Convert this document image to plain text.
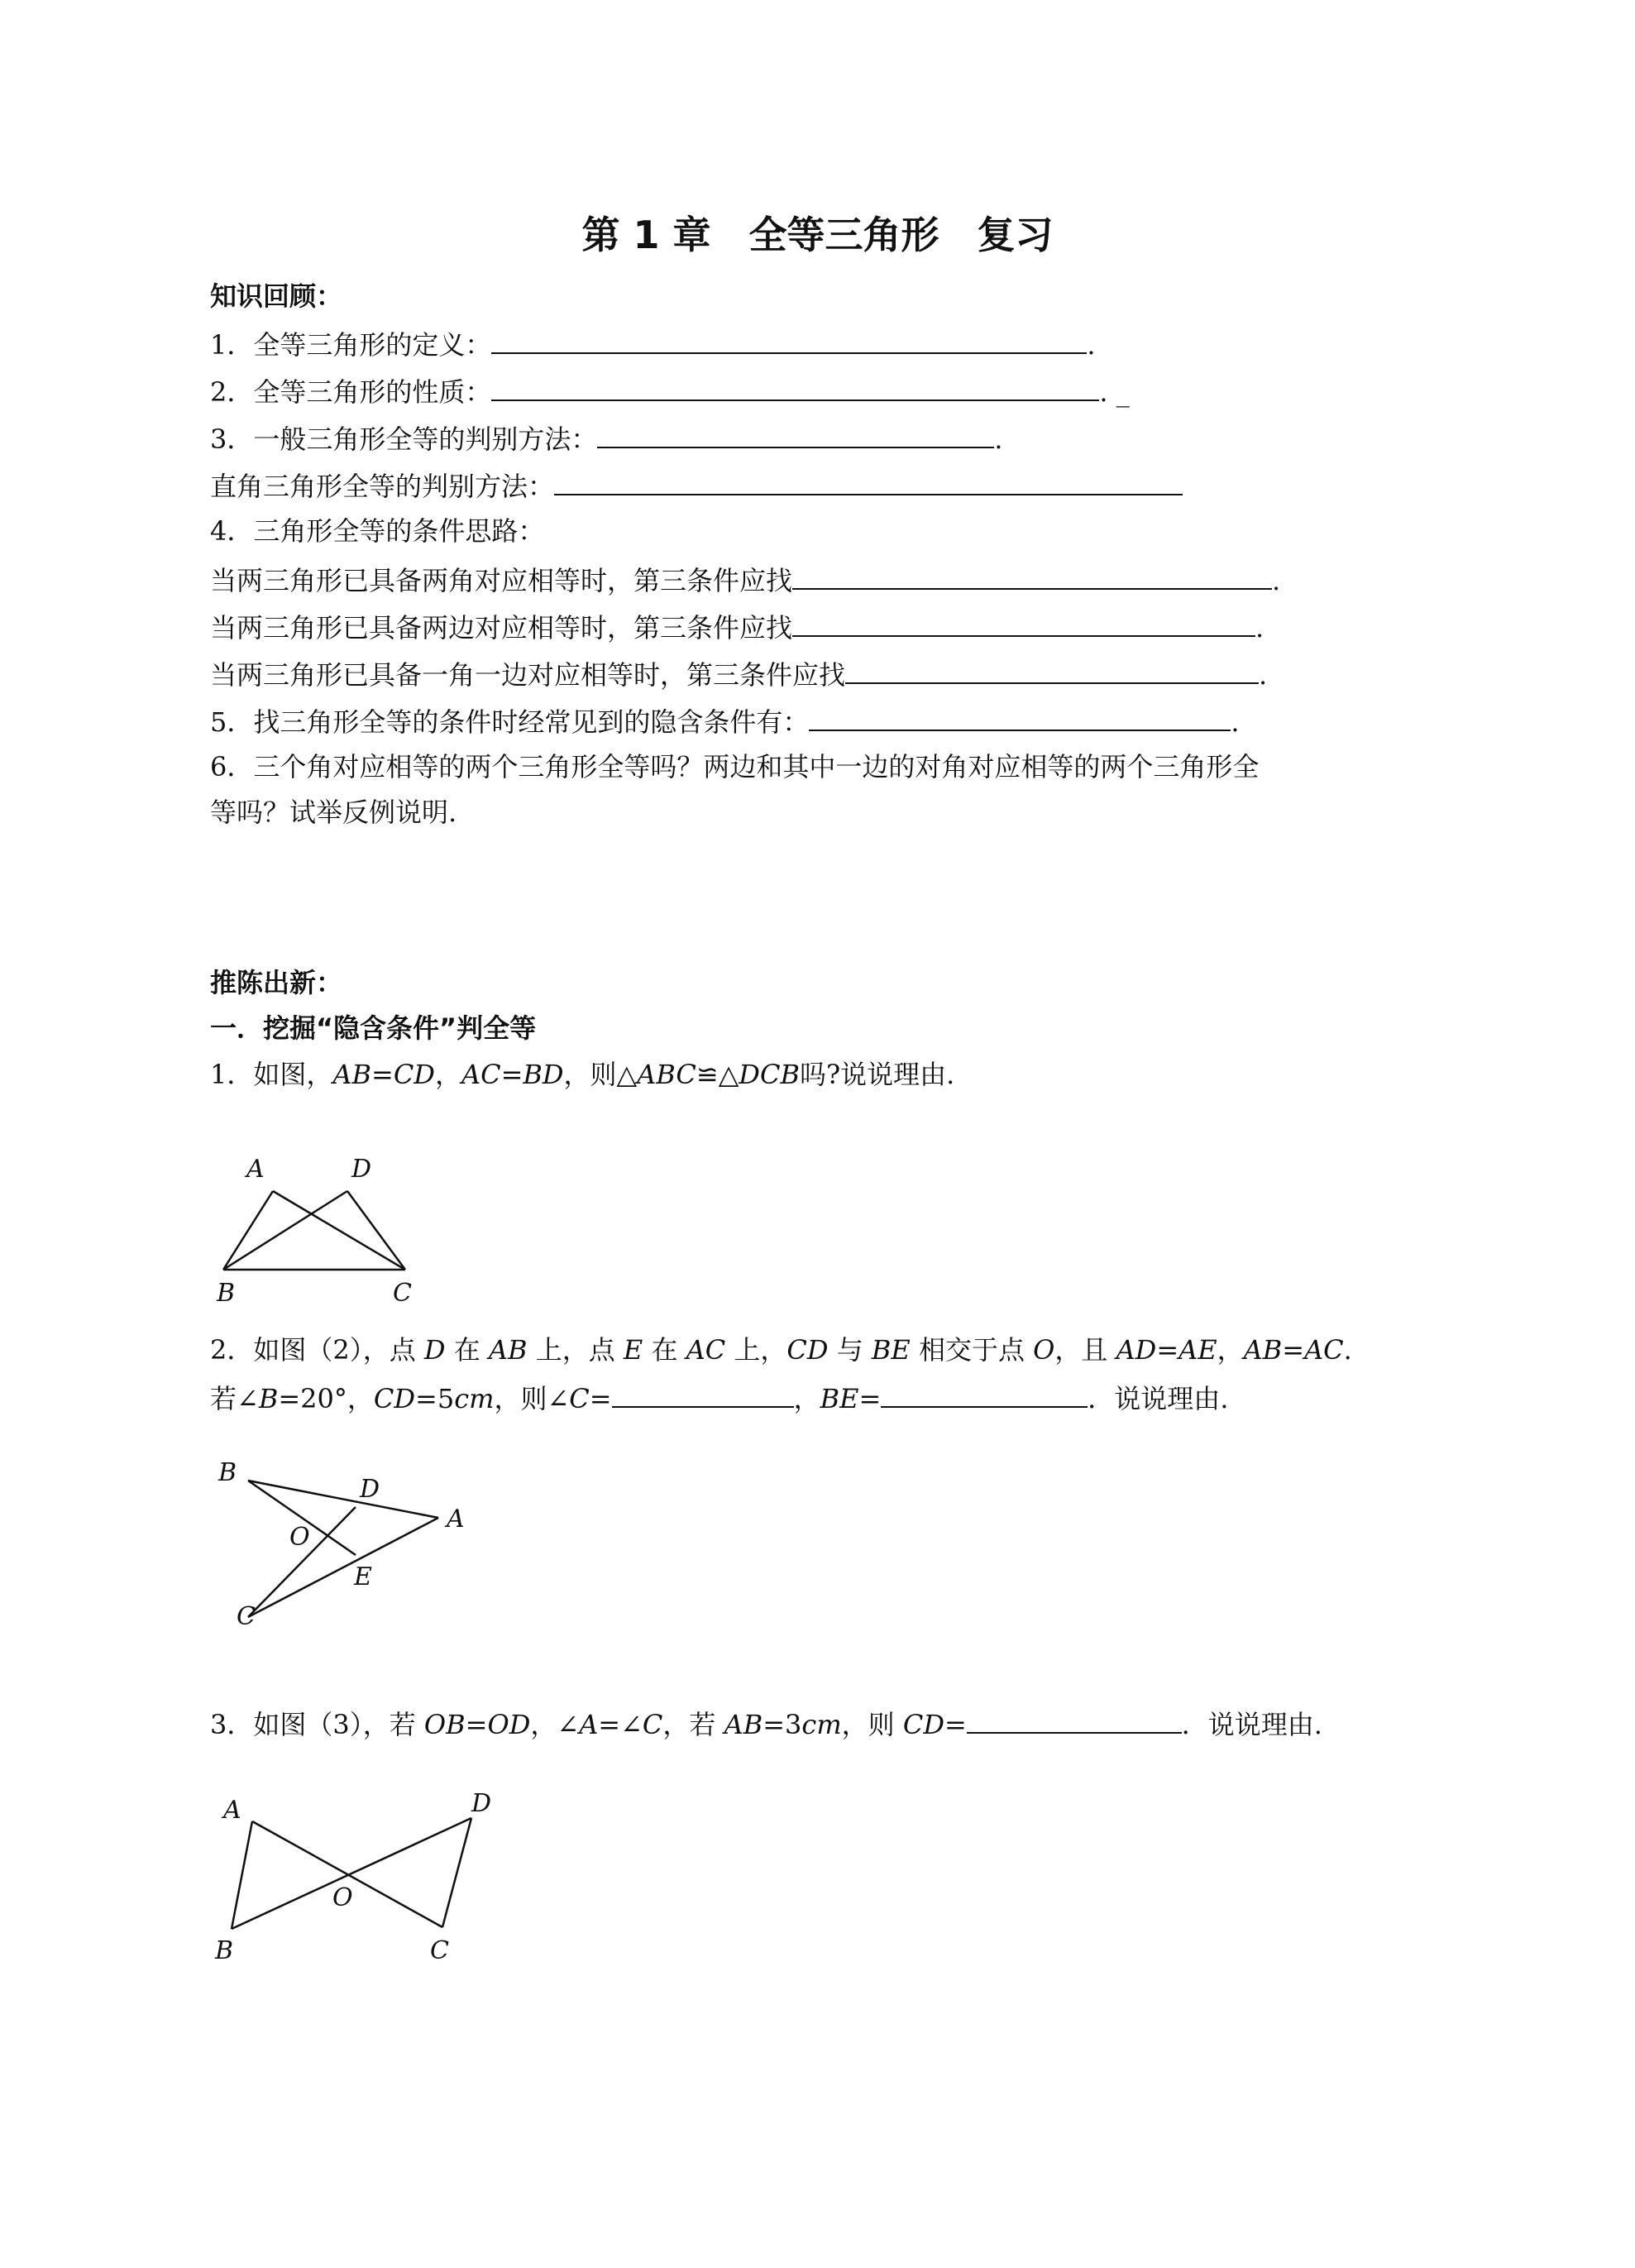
第 1 章　全等三角形　复习
知识回顾：
1．全等三角形的定义：	.
2．全等三角形的性质：	. _
3．一般三角形全等的判别方法：	.
直角三角形全等的判别方法：
4．三角形全等的条件思路：
当两三角形已具备两角对应相等时，第三条件应找	.
当两三角形已具备两边对应相等时，第三条件应找	.
当两三角形已具备一角一边对应相等时，第三条件应找	.
5．找三角形全等的条件时经常见到的隐含条件有：	.
6．三个角对应相等的两个三角形全等吗？两边和其中一边的对角对应相等的两个三角形全
等吗？试举反例说明.
推陈出新：
一．挖掘“隐含条件”判全等
1．如图，AB=CD，AC=BD，则△ABC≌△DCB吗?说说理由.
A	D
B	C
2．如图（2），点 D 在 AB 上，点 E 在 AC 上，CD 与 BE 相交于点 O，且 AD=AE，AB=AC.
若∠B=20°，CD=5cm，则∠C=	，BE=	．说说理由.
B
D
A
O
E
C
3．如图（3），若 OB=OD，∠A=∠C，若 AB=3cm，则 CD=	．说说理由.
A	D
O
B	C
